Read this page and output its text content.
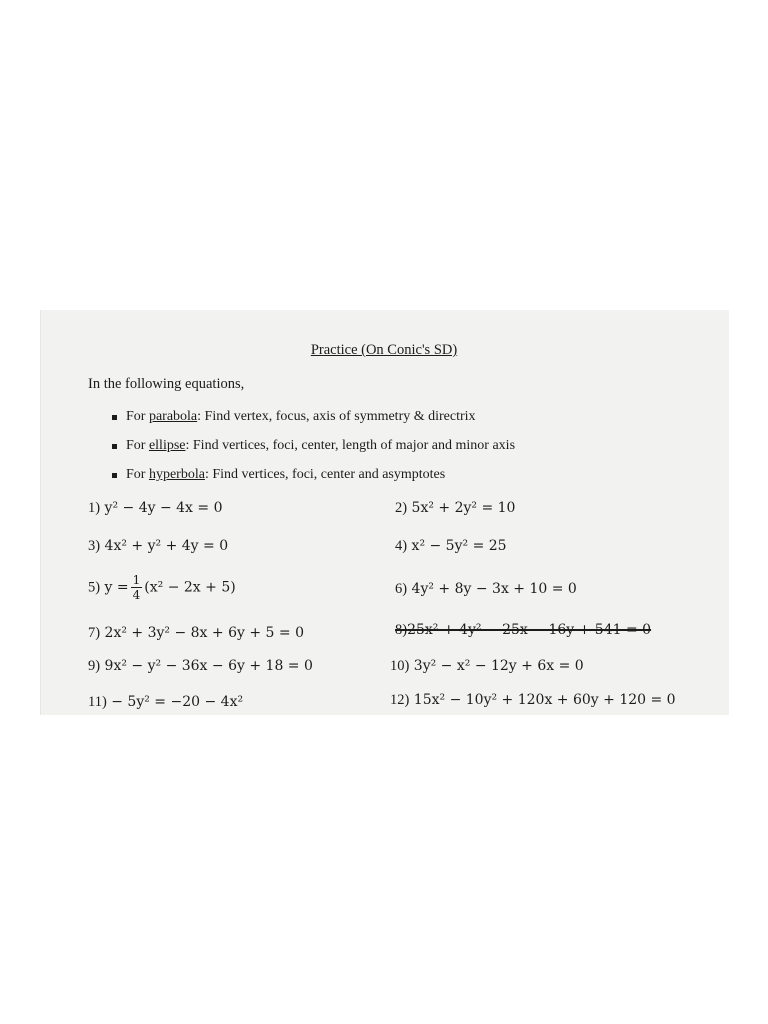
Practice (On Conic's SD)
In the following equations,
For parabola: Find vertex, focus, axis of symmetry & directrix
For ellipse: Find vertices, foci, center, length of major and minor axis
For hyperbola: Find vertices, foci, center and asymptotes
1) y² − 4y − 4x = 0	2) 5x² + 2y² = 10
3) 4x² + y² + 4y = 0	4) x² − 5y² = 25
5) $y = \frac{1}{4} (x^2 - 2x + 5)$	6) 4y² + 8y − 3x + 10 = 0
7) 2x² + 3y² − 8x + 6y + 5 = 0	8)25x² + 4y² − 25x − 16y + 541 = 0
9) 9x² − y² − 36x − 6y + 18 = 0	10) 3y² − x² − 12y + 6x = 0
11) − 5y² = −20 − 4x²	12) 15x² − 10y² + 120x + 60y + 120 = 0
